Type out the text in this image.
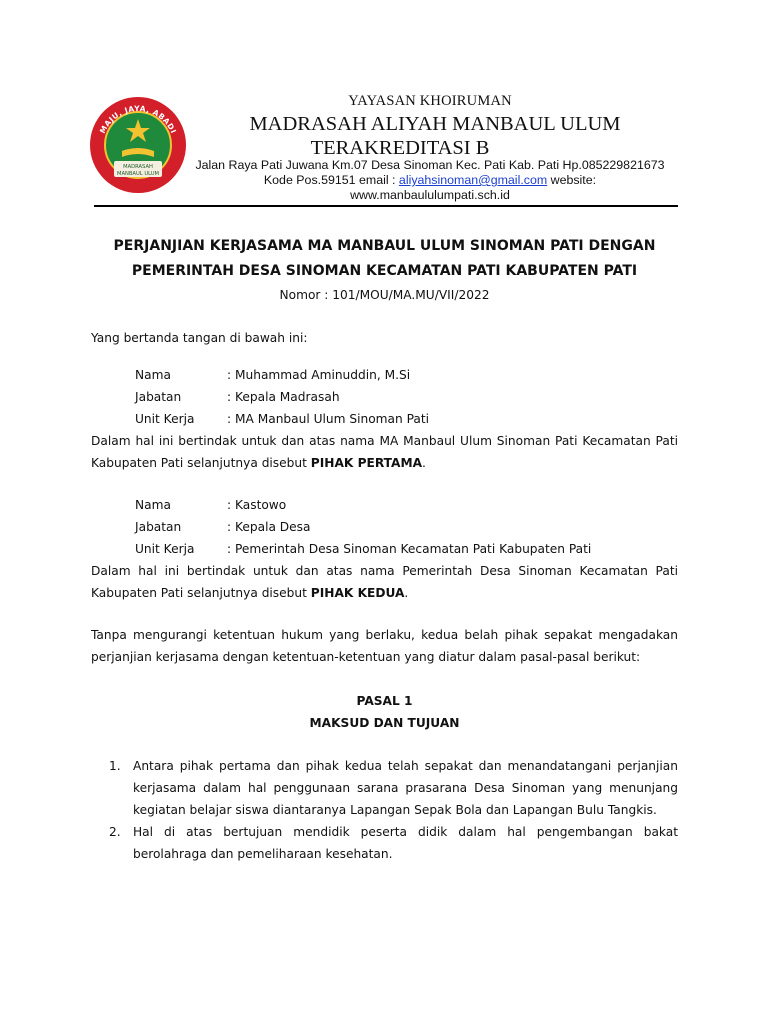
MAJU, JAYA, ABADI
MADRASAH
MANBAUL ULUM
YAYASAN KHOIRUMAN
MADRASAH ALIYAH MANBAUL ULUM
TERAKREDITASI B
Jalan Raya Pati Juwana Km.07 Desa Sinoman Kec. Pati Kab. Pati Hp.085229821673
Kode Pos.59151 email : aliyahsinoman@gmail.com website:
www.manbaululumpati.sch.id
PERJANJIAN KERJASAMA MA MANBAUL ULUM SINOMAN PATI DENGAN
PEMERINTAH DESA SINOMAN KECAMATAN PATI KABUPATEN PATI
Nomor : 101/MOU/MA.MU/VII/2022
Yang bertanda tangan di bawah ini:
Nama	: Muhammad Aminuddin, M.Si
Jabatan	: Kepala Madrasah
Unit Kerja	: MA Manbaul Ulum Sinoman Pati
Dalam hal ini bertindak untuk dan atas nama MA Manbaul Ulum Sinoman Pati Kecamatan Pati Kabupaten Pati selanjutnya disebut PIHAK PERTAMA.
Nama	: Kastowo
Jabatan	: Kepala Desa
Unit Kerja	: Pemerintah Desa Sinoman Kecamatan Pati Kabupaten Pati
Dalam hal ini bertindak untuk dan atas nama Pemerintah Desa Sinoman Kecamatan Pati Kabupaten Pati selanjutnya disebut PIHAK KEDUA.
Tanpa mengurangi ketentuan hukum yang berlaku, kedua belah pihak sepakat mengadakan perjanjian kerjasama dengan ketentuan-ketentuan yang diatur dalam pasal-pasal berikut:
PASAL 1
MAKSUD DAN TUJUAN
1.	Antara pihak pertama dan pihak kedua telah sepakat dan menandatangani perjanjian kerjasama dalam hal penggunaan sarana prasarana Desa Sinoman yang menunjang kegiatan belajar siswa diantaranya Lapangan Sepak Bola dan Lapangan Bulu Tangkis.
2.	Hal di atas bertujuan mendidik peserta didik dalam hal pengembangan bakat berolahraga dan pemeliharaan kesehatan.
